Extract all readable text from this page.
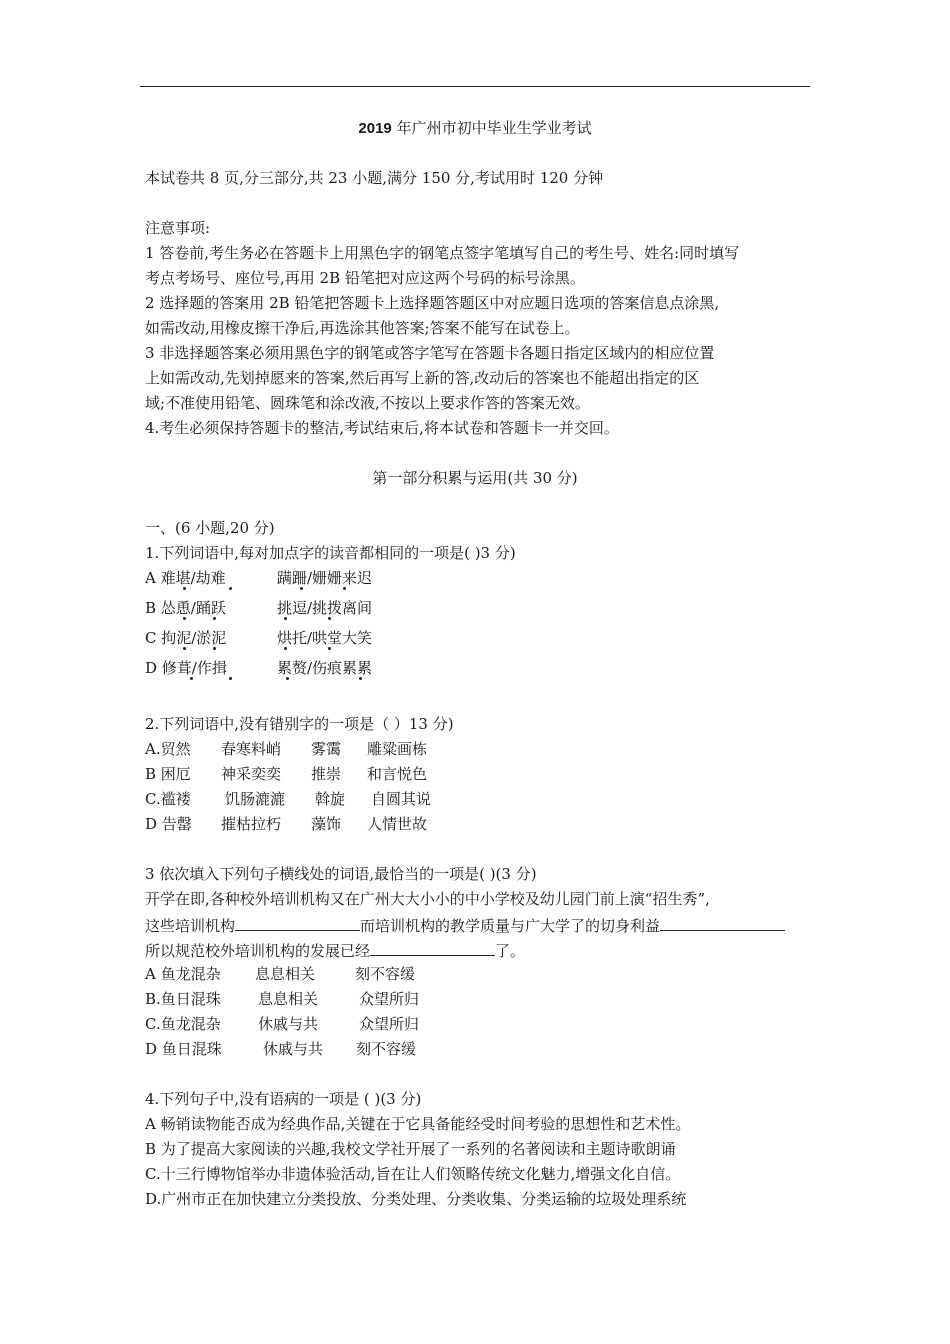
2019 年广州市初中毕业生学业考试
本试卷共 8 页,分三部分,共 23 小题,满分 150 分,考试用时 120 分钟
注意事项:
1 答卷前,考生务必在答题卡上用黑色字的钢笔点签字笔填写自己的考生号、姓名:同时填写
考点考场号、座位号,再用 2B 铅笔把对应这两个号码的标号涂黑。
2 选择题的答案用 2B 铅笔把答题卡上选择题答题区中对应题日选项的答案信息点涂黑,
如需改动,用橡皮擦干净后,再选涂其他答案;答案不能写在试卷上。
3 非选择题答案必须用黑色字的钢笔或答字笔写在答题卡各题日指定区域内的相应位置
上如需改动,先划掉愿来的答案,然后再写上新的答,改动后的答案也不能超出指定的区
域;不准使用铅笔、圆珠笔和涂改液,不按以上要求作答的答案无效。
4.考生必须保持答题卡的整洁,考试结束后,将本试卷和答题卡一并交回。
第一部分积累与运用(共 30 分)
一、(6 小题,20 分)
1.下列词语中,每对加点字的读音都相同的一项是( )3 分)
A 难堪/劫难	蹒跚/姗姗来迟
B 怂恿/踊跃	挑逗/挑拨离间
C 拘泥/淤泥	烘托/哄堂大笑
D 修葺/作揖	累赘/伤痕累累
2.下列词语中,没有错别字的一项是（ ）13 分)
A.贸然 春寒料峭 雾霭 雕粱画栋
B 困厄 神采奕奕 推崇 和言悦色
C.褴褛 饥肠漉漉 斡旋 自圆其说
D 告罄 摧枯拉朽 藻饰 人情世故
3 依次填入下列句子横线处的词语,最恰当的一项是( )(3 分)
开学在即,各种校外培训机构又在广州大大小小的中小学校及幼儿园门前上演“招生秀”,
这些培训机构	而培训机构的教学质量与广大学了的切身利益
所以规范校外培训机构的发展已经	了。
A 鱼龙混杂 息息相关	刻不容缓
B.鱼日混珠 息息相关	众望所归
C.鱼龙混杂 休戚与共	众望所归
D 鱼日混珠	休戚与共 刻不容缓
4.下列句子中,没有语病的一项是 ( )(3 分)
A 畅销读物能否成为经典作品,关键在于它具备能经受时间考验的思想性和艺术性。
B 为了提高大家阅读的兴趣,我校文学社开展了一系列的名著阅读和主题诗歌朗诵
C.十三行博物馆举办非遗体验活动,旨在让人们领略传统文化魅力,增强文化自信。
D.广州市正在加快建立分类投放、分类处理、分类收集、分类运输的垃圾处理系统
